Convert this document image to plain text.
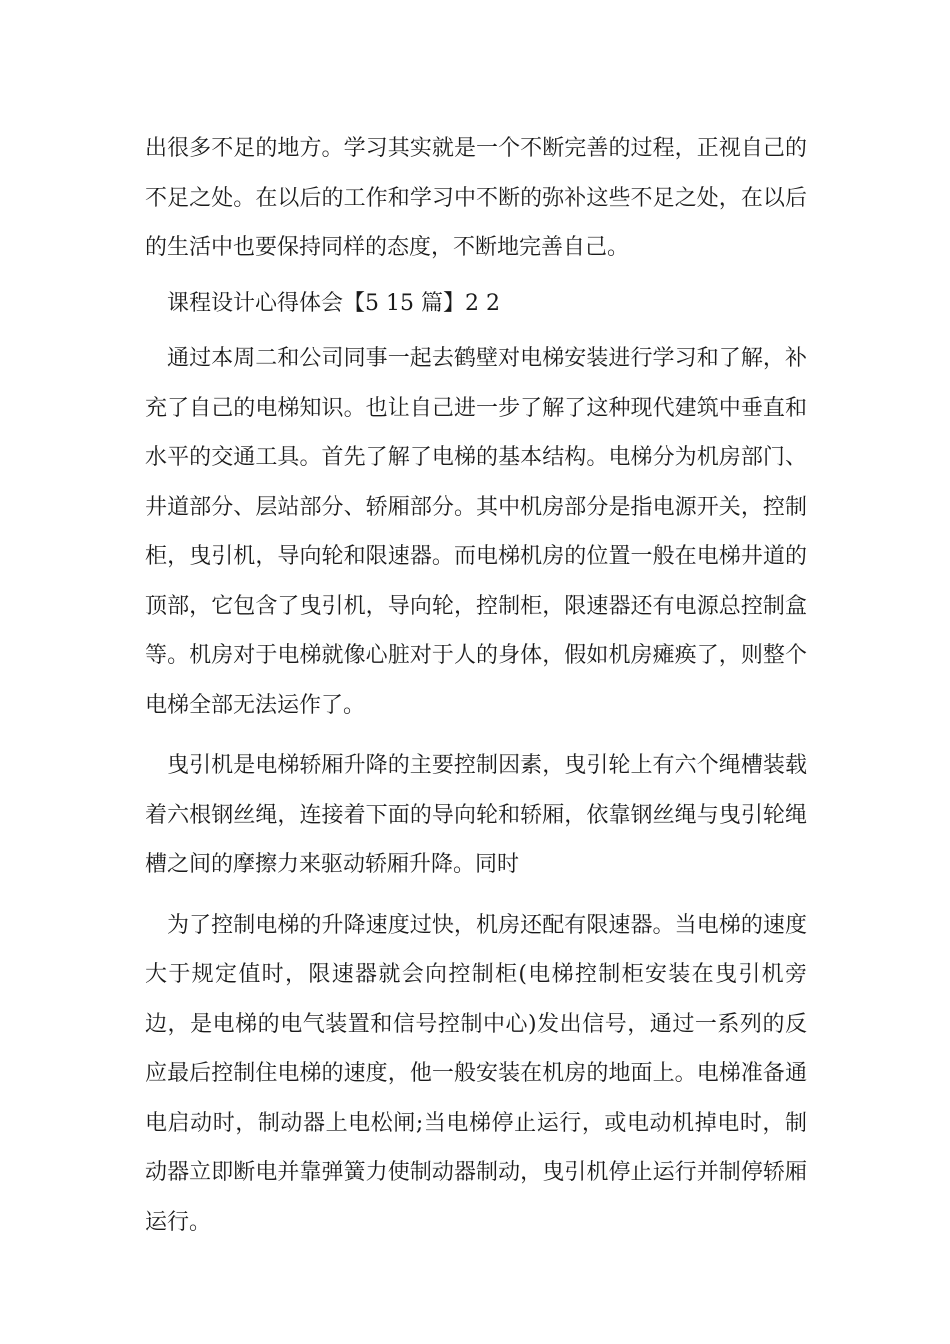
出很多不足的地方。学习其实就是一个不断完善的过程，正视自己的不足之处。在以后的工作和学习中不断的弥补这些不足之处，在以后的生活中也要保持同样的态度，不断地完善自己。

课程设计心得体会【5 15 篇】2 2

通过本周二和公司同事一起去鹤壁对电梯安装进行学习和了解，补充了自己的电梯知识。也让自己进一步了解了这种现代建筑中垂直和水平的交通工具。首先了解了电梯的基本结构。电梯分为机房部门、井道部分、层站部分、轿厢部分。其中机房部分是指电源开关，控制柜，曳引机，导向轮和限速器。而电梯机房的位置一般在电梯井道的顶部，它包含了曳引机，导向轮，控制柜，限速器还有电源总控制盒等。机房对于电梯就像心脏对于人的身体，假如机房瘫痪了，则整个电梯全部无法运作了。

曳引机是电梯轿厢升降的主要控制因素，曳引轮上有六个绳槽装载着六根钢丝绳，连接着下面的导向轮和轿厢，依靠钢丝绳与曳引轮绳槽之间的摩擦力来驱动轿厢升降。同时

为了控制电梯的升降速度过快，机房还配有限速器。当电梯的速度大于规定值时，限速器就会向控制柜(电梯控制柜安装在曳引机旁边，是电梯的电气装置和信号控制中心)发出信号，通过一系列的反应最后控制住电梯的速度，他一般安装在机房的地面上。电梯准备通电启动时，制动器上电松闸;当电梯停止运行，或电动机掉电时，制动器立即断电并靠弹簧力使制动器制动，曳引机停止运行并制停轿厢运行。
